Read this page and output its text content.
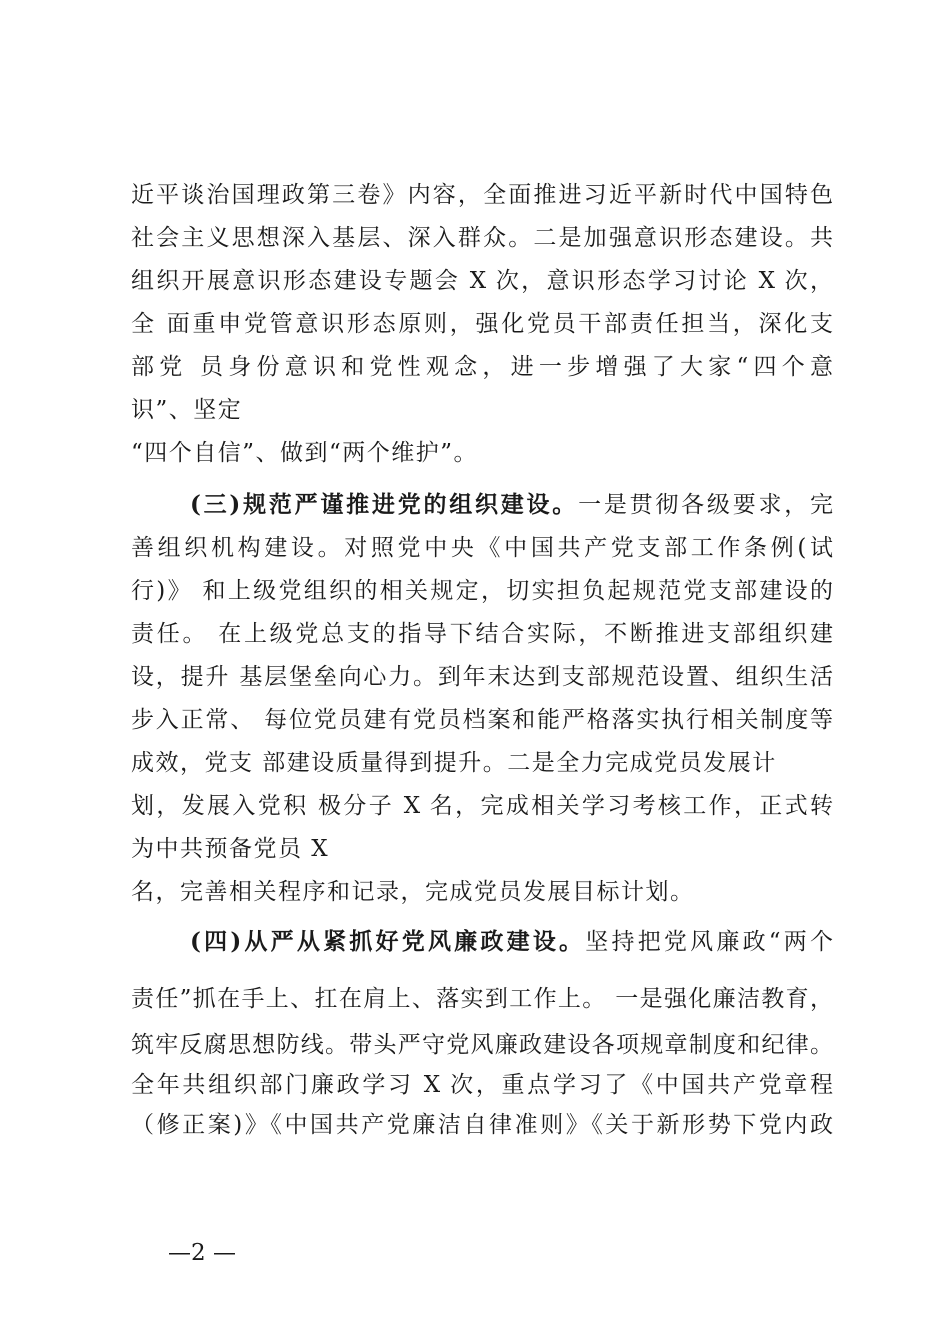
近平谈治国理政第三卷》内容，全面推进习近平新时代中国特色
社会主义思想深入基层、深入群众。二是加强意识形态建设。共
组织开展意识形态建设专题会 X 次，意识形态学习讨论 X 次，
全 面重申党管意识形态原则，强化党员干部责任担当，深化支
部党 员身份意识和党性观念，进一步增强了大家“四个意
识”、坚定
“四个自信”、做到“两个维护”。
(三)规范严谨推进党的组织建设。一是贯彻各级要求，完
善组织机构建设。对照党中央《中国共产党支部工作条例(试
行)》 和上级党组织的相关规定，切实担负起规范党支部建设的
责任。 在上级党总支的指导下结合实际，不断推进支部组织建
设，提升 基层堡垒向心力。到年末达到支部规范设置、组织生活
步入正常、 每位党员建有党员档案和能严格落实执行相关制度等
成效，党支 部建设质量得到提升。二是全力完成党员发展计
划，发展入党积 极分子 X 名，完成相关学习考核工作，正式转
为中共预备党员 X
名，完善相关程序和记录，完成党员发展目标计划。
(四)从严从紧抓好党风廉政建设。坚持把党风廉政“两个
责任”抓在手上、扛在肩上、落实到工作上。 一是强化廉洁教育，
筑牢反腐思想防线。带头严守党风廉政建设各项规章制度和纪律。
全年共组织部门廉政学习 X 次，重点学习了《中国共产党章程
（修正案)》《中国共产党廉洁自律准则》《关于新形势下党内政
—2 —
